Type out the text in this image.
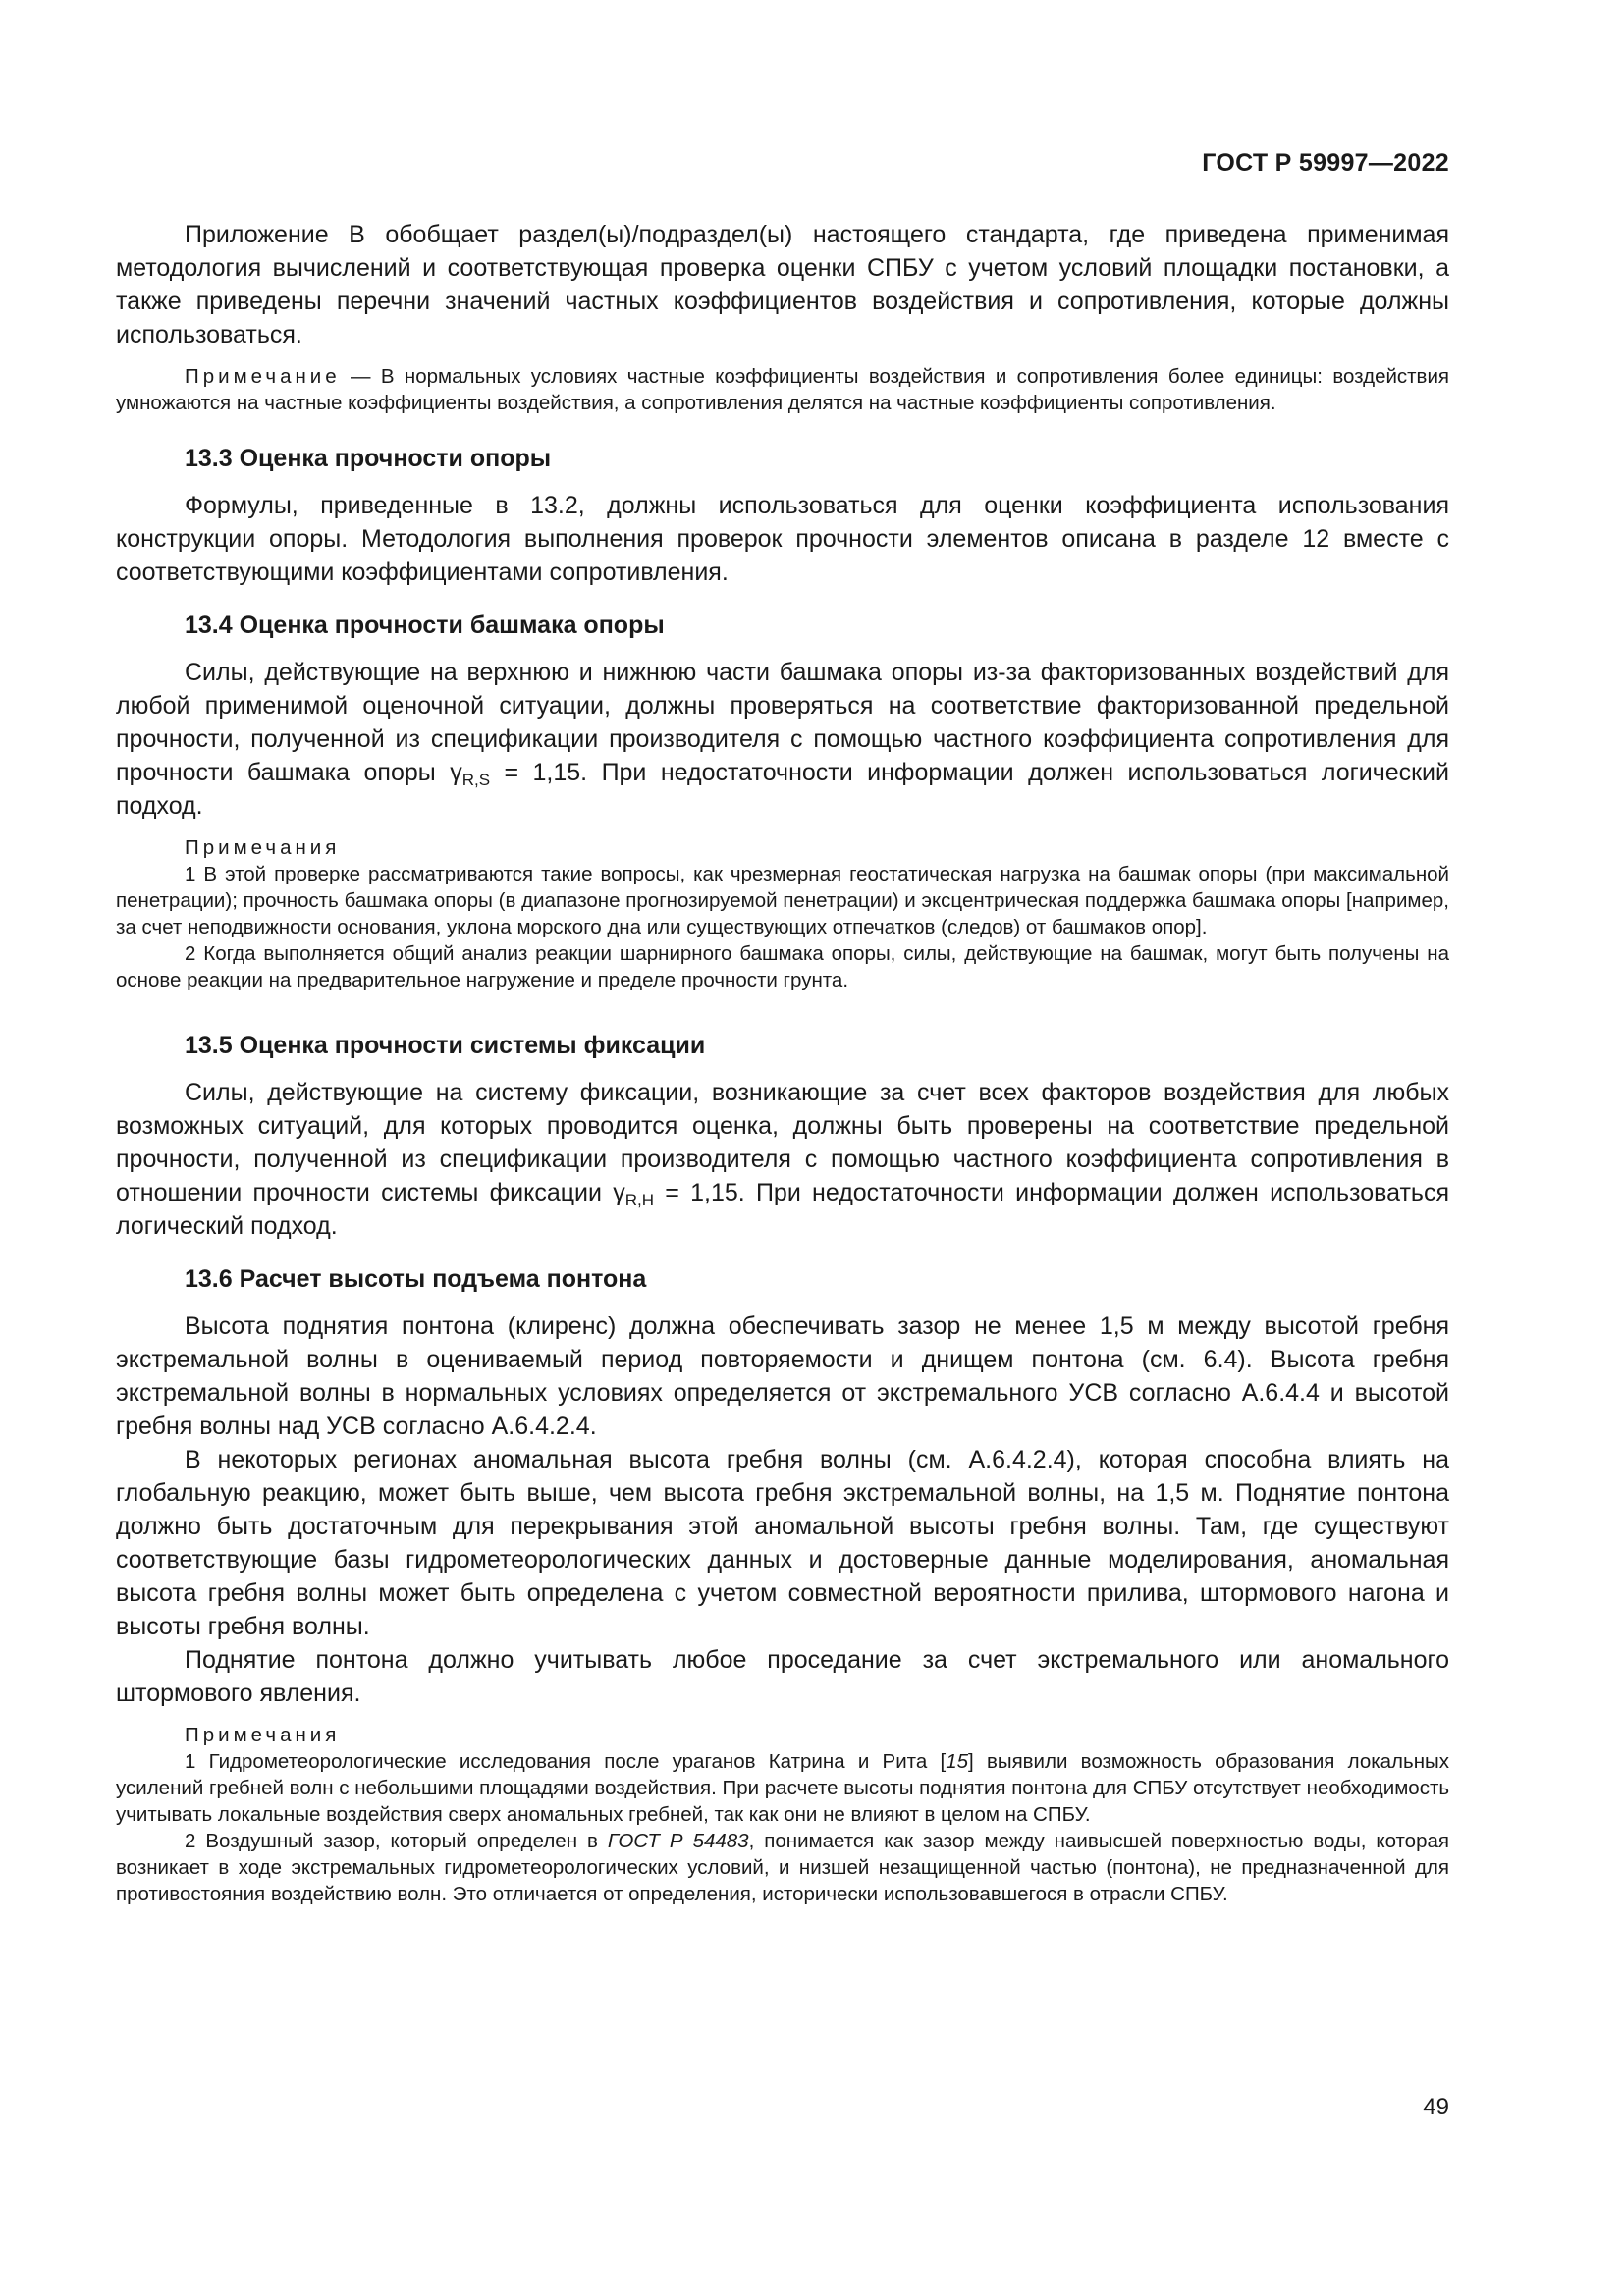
ГОСТ Р 59997—2022

Приложение В обобщает раздел(ы)/подраздел(ы) настоящего стандарта, где приведена применимая методология вычислений и соответствующая проверка оценки СПБУ с учетом условий площадки постановки, а также приведены перечни значений частных коэффициентов воздействия и сопротивления, которые должны использоваться.

Примечание — В нормальных условиях частные коэффициенты воздействия и сопротивления более единицы: воздействия умножаются на частные коэффициенты воздействия, а сопротивления делятся на частные коэффициенты сопротивления.

13.3 Оценка прочности опоры

Формулы, приведенные в 13.2, должны использоваться для оценки коэффициента использования конструкции опоры. Методология выполнения проверок прочности элементов описана в разделе 12 вместе с соответствующими коэффициентами сопротивления.

13.4 Оценка прочности башмака опоры

Силы, действующие на верхнюю и нижнюю части башмака опоры из-за факторизованных воздействий для любой применимой оценочной ситуации, должны проверяться на соответствие факторизованной предельной прочности, полученной из спецификации производителя с помощью частного коэффициента сопротивления для прочности башмака опоры $\gamma_{R,S} = 1,15$. При недостаточности информации должен использоваться логический подход.

Примечания

1 В этой проверке рассматриваются такие вопросы, как чрезмерная геостатическая нагрузка на башмак опоры (при максимальной пенетрации); прочность башмака опоры (в диапазоне прогнозируемой пенетрации) и эксцентрическая поддержка башмака опоры [например, за счет неподвижности основания, уклона морского дна или существующих отпечатков (следов) от башмаков опор].

2 Когда выполняется общий анализ реакции шарнирного башмака опоры, силы, действующие на башмак, могут быть получены на основе реакции на предварительное нагружение и пределе прочности грунта.

13.5 Оценка прочности системы фиксации

Силы, действующие на систему фиксации, возникающие за счет всех факторов воздействия для любых возможных ситуаций, для которых проводится оценка, должны быть проверены на соответствие предельной прочности, полученной из спецификации производителя с помощью частного коэффициента сопротивления в отношении прочности системы фиксации $\gamma_{R,H} = 1,15$. При недостаточности информации должен использоваться логический подход.

13.6 Расчет высоты подъема понтона

Высота поднятия понтона (клиренс) должна обеспечивать зазор не менее 1,5 м между высотой гребня экстремальной волны в оцениваемый период повторяемости и днищем понтона (см. 6.4). Высота гребня экстремальной волны в нормальных условиях определяется от экстремального УСВ согласно А.6.4.4 и высотой гребня волны над УСВ согласно А.6.4.2.4.

В некоторых регионах аномальная высота гребня волны (см. А.6.4.2.4), которая способна влиять на глобальную реакцию, может быть выше, чем высота гребня экстремальной волны, на 1,5 м. Поднятие понтона должно быть достаточным для перекрывания этой аномальной высоты гребня волны. Там, где существуют соответствующие базы гидрометеорологических данных и достоверные данные моделирования, аномальная высота гребня волны может быть определена с учетом совместной вероятности прилива, штормового нагона и высоты гребня волны.

Поднятие понтона должно учитывать любое проседание за счет экстремального или аномального штормового явления.

Примечания

1 Гидрометеорологические исследования после ураганов Катрина и Рита [15] выявили возможность образования локальных усилений гребней волн с небольшими площадями воздействия. При расчете высоты поднятия понтона для СПБУ отсутствует необходимость учитывать локальные воздействия сверх аномальных гребней, так как они не влияют в целом на СПБУ.

2 Воздушный зазор, который определен в ГОСТ Р 54483, понимается как зазор между наивысшей поверхностью воды, которая возникает в ходе экстремальных гидрометеорологических условий, и низшей незащищенной частью (понтона), не предназначенной для противостояния воздействию волн. Это отличается от определения, исторически использовавшегося в отрасли СПБУ.

49
